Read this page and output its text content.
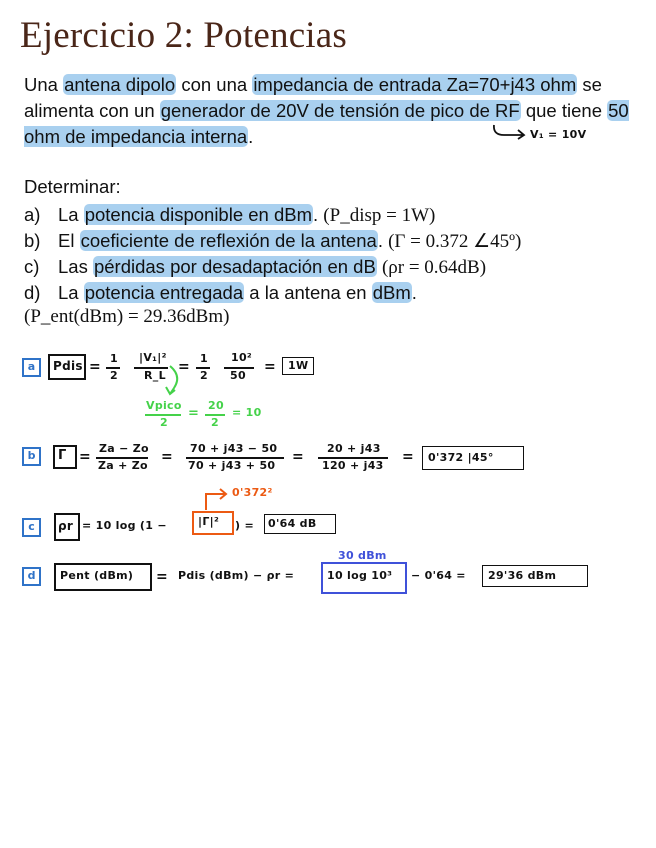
Ejercicio 2: Potencias
Una antena dipolo con una impedancia de entrada Za=70+j43 ohm se alimenta con un generador de 20V de tensión de pico de RF que tiene 50 ohm de impedancia interna.	V₁ = 10V
Determinar:
a) La potencia disponible en dBm. (P_disp = 1W)
b) El coeficiente de reflexión de la antena. (Γ = 0.372 ∠45º)
c) Las pérdidas por desadaptación en dB (ρr = 0.64dB)
d) La potencia entregada a la antena en dBm.
(P_ent(dBm) = 29.36dBm)
a	Pdis =
1
2
|V₁|²
R_L
=
1
2
10²
50
= 1W
Vpico
2
=
20
2
= 10
b	Γ =
Za − Zo
Za + Zo
=
70 + j43 − 50
70 + j43 + 50
=
20 + j43
120 + j43
= 0'372 |45°
c	ρr = 10 log (1 −	|Γ|² ) = 0'64 dB
0'372²
d	Pent (dBm) = Pdis (dBm) − ρr =	10 log 10³
30 dBm
− 0'64 = 29'36 dBm
